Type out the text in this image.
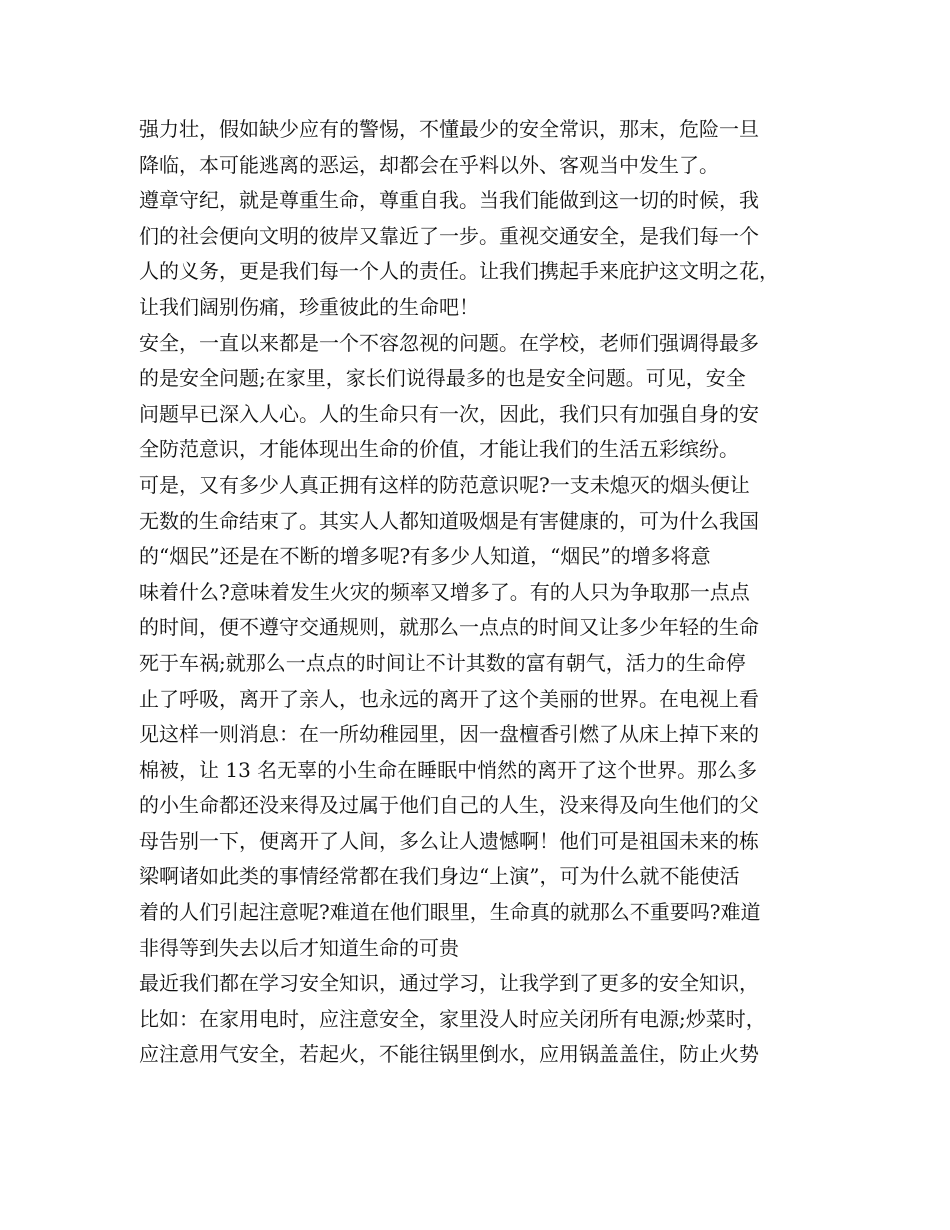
强力壮，假如缺少应有的警惕，不懂最少的安全常识，那末，危险一旦
降临，本可能逃离的恶运，却都会在乎料以外、客观当中发生了。
遵章守纪，就是尊重生命，尊重自我。当我们能做到这一切的时候，我
们的社会便向文明的彼岸又靠近了一步。重视交通安全，是我们每一个
人的义务，更是我们每一个人的责任。让我们携起手来庇护这文明之花，
让我们阔别伤痛，珍重彼此的生命吧！
安全，一直以来都是一个不容忽视的问题。在学校，老师们强调得最多
的是安全问题;在家里，家长们说得最多的也是安全问题。可见，安全
问题早已深入人心。人的生命只有一次，因此，我们只有加强自身的安
全防范意识，才能体现出生命的价值，才能让我们的生活五彩缤纷。
可是，又有多少人真正拥有这样的防范意识呢?一支未熄灭的烟头便让
无数的生命结束了。其实人人都知道吸烟是有害健康的，可为什么我国
的“烟民”还是在不断的增多呢?有多少人知道，“烟民”的增多将意
味着什么?意味着发生火灾的频率又增多了。有的人只为争取那一点点
的时间，便不遵守交通规则，就那么一点点的时间又让多少年轻的生命
死于车祸;就那么一点点的时间让不计其数的富有朝气，活力的生命停
止了呼吸，离开了亲人，也永远的离开了这个美丽的世界。在电视上看
见这样一则消息：在一所幼稚园里，因一盘檀香引燃了从床上掉下来的
棉被，让 13 名无辜的小生命在睡眠中悄然的离开了这个世界。那么多
的小生命都还没来得及过属于他们自己的人生，没来得及向生他们的父
母告别一下，便离开了人间，多么让人遗憾啊！他们可是祖国未来的栋
梁啊诸如此类的事情经常都在我们身边“上演”，可为什么就不能使活
着的人们引起注意呢?难道在他们眼里，生命真的就那么不重要吗?难道
非得等到失去以后才知道生命的可贵
最近我们都在学习安全知识，通过学习，让我学到了更多的安全知识，
比如：在家用电时，应注意安全，家里没人时应关闭所有电源;炒菜时，
应注意用气安全，若起火，不能往锅里倒水，应用锅盖盖住，防止火势
